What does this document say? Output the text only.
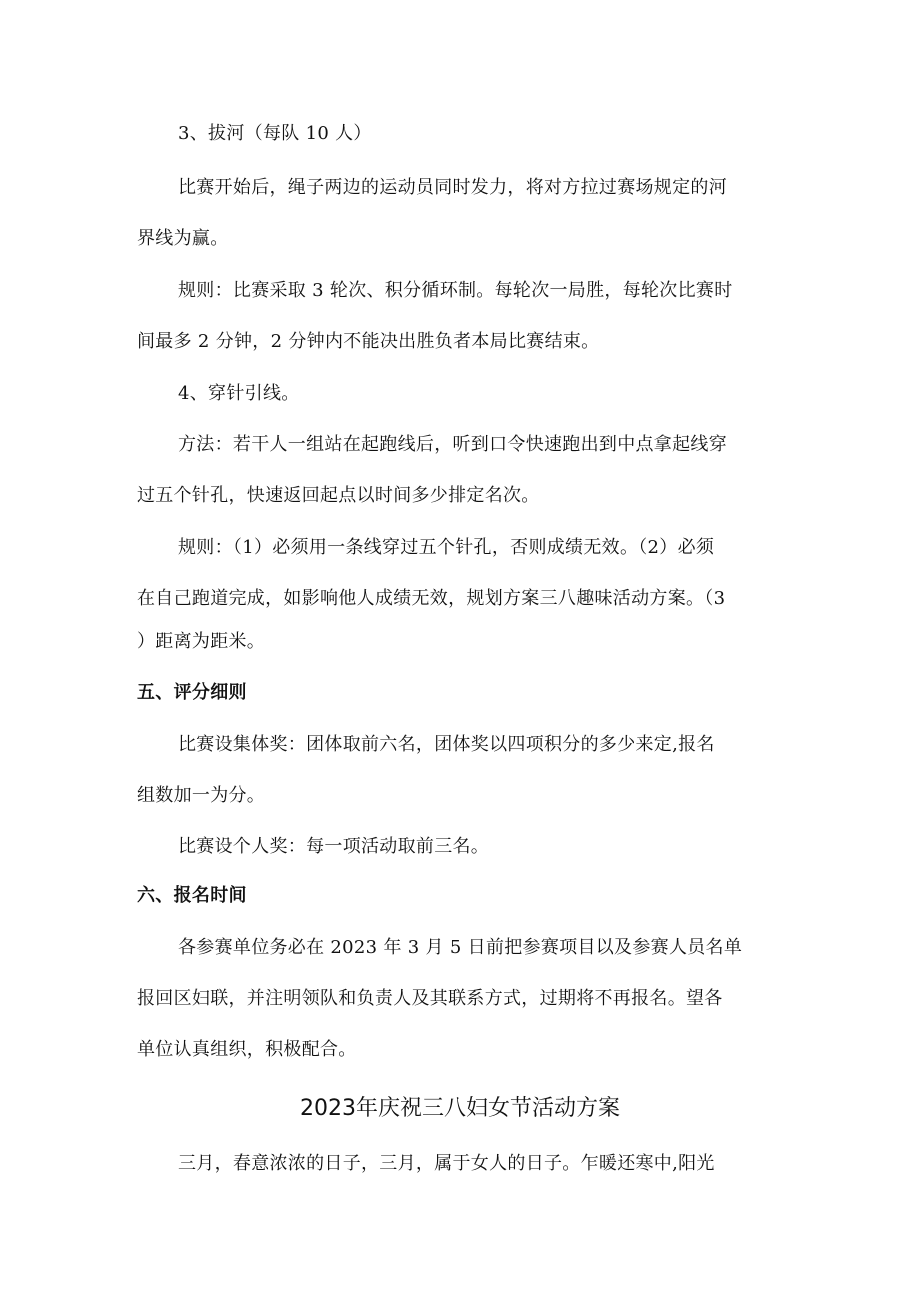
3、拔河（每队 10 人）
比赛开始后，绳子两边的运动员同时发力，将对方拉过赛场规定的河
界线为赢。
规则：比赛采取 3 轮次、积分循环制。每轮次一局胜，每轮次比赛时
间最多 2 分钟，2 分钟内不能决出胜负者本局比赛结束。
4、穿针引线。
方法：若干人一组站在起跑线后，听到口令快速跑出到中点拿起线穿
过五个针孔，快速返回起点以时间多少排定名次。
规则：（1）必须用一条线穿过五个针孔，否则成绩无效。（2）必须
在自己跑道完成，如影响他人成绩无效，规划方案三八趣味活动方案。（3
）距离为距米。
五、评分细则
比赛设集体奖：团体取前六名，团体奖以四项积分的多少来定,报名
组数加一为分。
比赛设个人奖：每一项活动取前三名。
六、报名时间
各参赛单位务必在 2023 年 3 月 5 日前把参赛项目以及参赛人员名单
报回区妇联，并注明领队和负责人及其联系方式，过期将不再报名。望各
单位认真组织，积极配合。
2023年庆祝三八妇女节活动方案
三月，春意浓浓的日子，三月，属于女人的日子。乍暖还寒中,阳光
